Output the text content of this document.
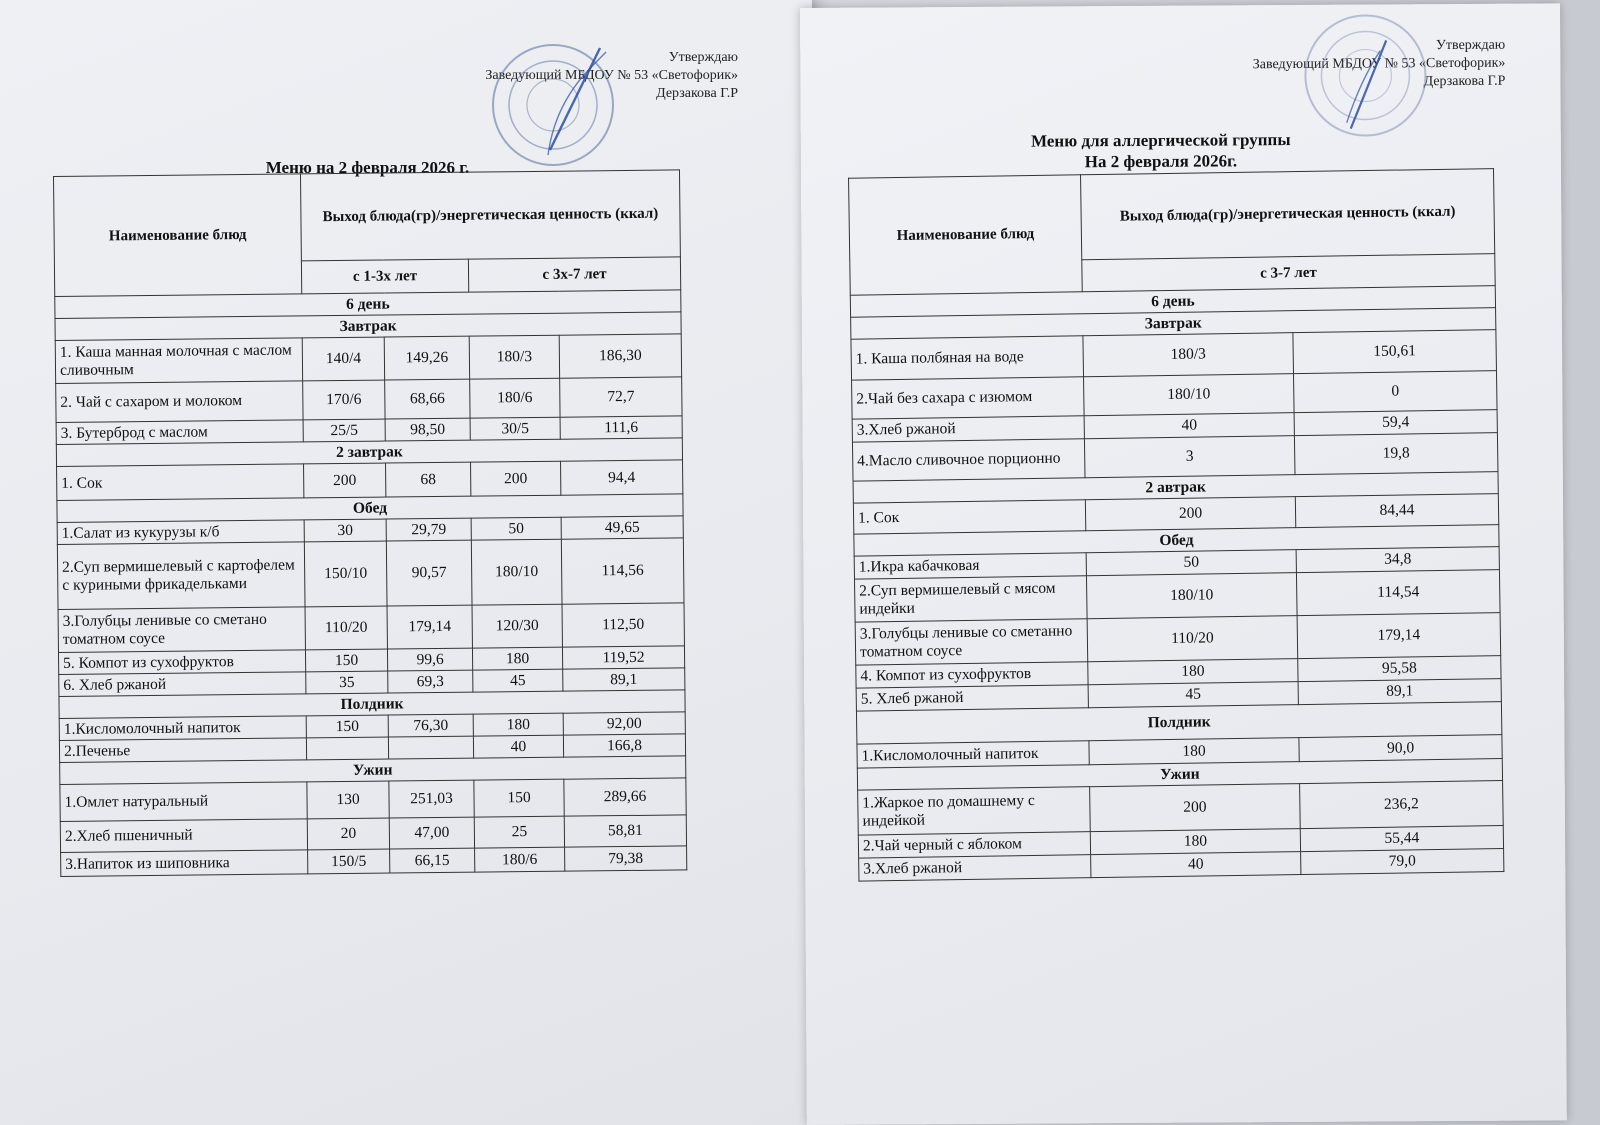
Утверждаю
Заведующий МБДОУ № 53 «Светофорик»
Дерзакова Г.Р
Меню на 2 февраля 2026 г.
Наименование блюд	Выход блюда(гр)/энергетическая ценность (ккал)			
	с 1-3х лет		с 3х-7 лет	
6 день				
Завтрак				
1. Каша манная молочная с маслом сливочным	140/4	149,26	180/3	186,30
2. Чай с сахаром и молоком	170/6	68,66	180/6	72,7
3. Бутерброд с маслом	25/5	98,50	30/5	111,6
2 завтрак				
1. Сок	200	68	200	94,4
Обед				
1.Салат из кукурузы к/б	30	29,79	50	49,65
2.Суп вермишелевый с картофелем с куриными фрикадельками	150/10	90,57	180/10	114,56
3.Голубцы ленивые со сметано томатном соусе	110/20	179,14	120/30	112,50
5. Компот из сухофруктов	150	99,6	180	119,52
6. Хлеб ржаной	35	69,3	45	89,1
Полдник				
1.Кисломолочный напиток	150	76,30	180	92,00
2.Печенье			40	166,8
Ужин				
1.Омлет натуральный	130	251,03	150	289,66
2.Хлеб пшеничный	20	47,00	25	58,81
3.Напиток из шиповника	150/5	66,15	180/6	79,38
Утверждаю
Заведующий МБДОУ № 53 «Светофорик»
Дерзакова Г.Р
Меню для аллергической группы
На 2 февраля 2026г.
Наименование блюд	Выход блюда(гр)/энергетическая ценность (ккал)	
	с 3-7 лет	
6 день		
Завтрак		
1. Каша полбяная на воде	180/3	150,61
2.Чай без сахара с изюмом	180/10	0
3.Хлеб ржаной	40	59,4
4.Масло сливочное порционно	3	19,8
2 автрак		
1. Сок	200	84,44
Обед		
1.Икра кабачковая	50	34,8
2.Суп вермишелевый с мясом индейки	180/10	114,54
3.Голубцы ленивые со сметанно томатном соусе	110/20	179,14
4. Компот из сухофруктов	180	95,58
5. Хлеб ржаной	45	89,1
Полдник		
1.Кисломолочный напиток	180	90,0
Ужин		
1.Жаркое по домашнему с индейкой	200	236,2
2.Чай черный с яблоком	180	55,44
3.Хлеб ржаной	40	79,0
